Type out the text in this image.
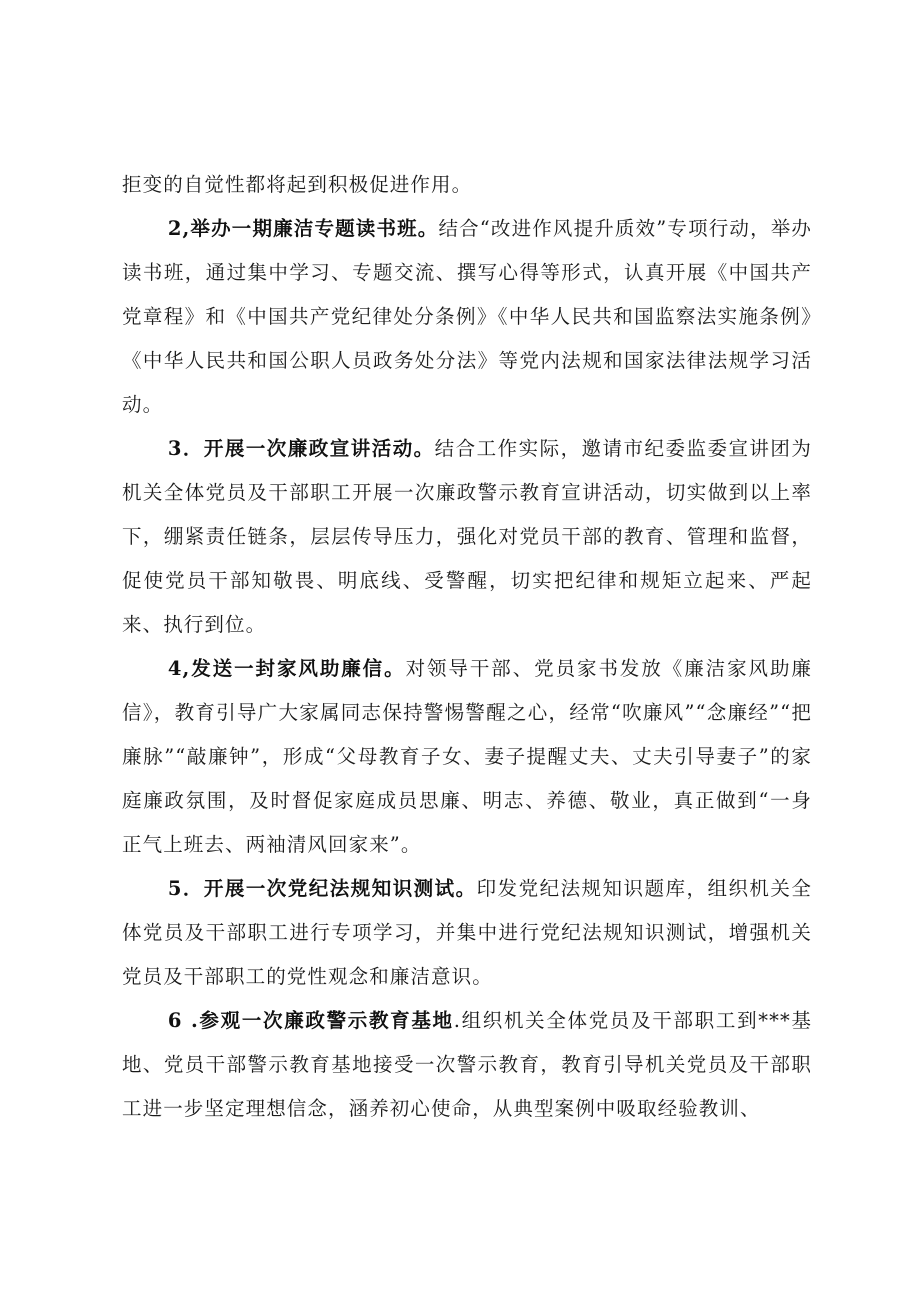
拒变的自觉性都将起到积极促进作用。

2,举办一期廉洁专题读书班。结合“改进作风提升质效”专项行动，举办读书班，通过集中学习、专题交流、撰写心得等形式，认真开展《中国共产党章程》和《中国共产党纪律处分条例》《中华人民共和国监察法实施条例》《中华人民共和国公职人员政务处分法》等党内法规和国家法律法规学习活动。

3．开展一次廉政宣讲活动。结合工作实际，邀请市纪委监委宣讲团为机关全体党员及干部职工开展一次廉政警示教育宣讲活动，切实做到以上率下，绷紧责任链条，层层传导压力，强化对党员干部的教育、管理和监督，促使党员干部知敬畏、明底线、受警醒，切实把纪律和规矩立起来、严起来、执行到位。

4,发送一封家风助廉信。对领导干部、党员家书发放《廉洁家风助廉信》，教育引导广大家属同志保持警惕警醒之心，经常“吹廉风”“念廉经”“把廉脉”“敲廉钟”，形成“父母教育子女、妻子提醒丈夫、丈夫引导妻子”的家庭廉政氛围，及时督促家庭成员思廉、明志、养德、敬业，真正做到“一身正气上班去、两袖清风回家来”。

5．开展一次党纪法规知识测试。印发党纪法规知识题库，组织机关全体党员及干部职工进行专项学习，并集中进行党纪法规知识测试，增强机关党员及干部职工的党性观念和廉洁意识。

6 .参观一次廉政警示教育基地.组织机关全体党员及干部职工到***基地、党员干部警示教育基地接受一次警示教育，教育引导机关党员及干部职工进一步坚定理想信念，涵养初心使命，从典型案例中吸取经验教训、
